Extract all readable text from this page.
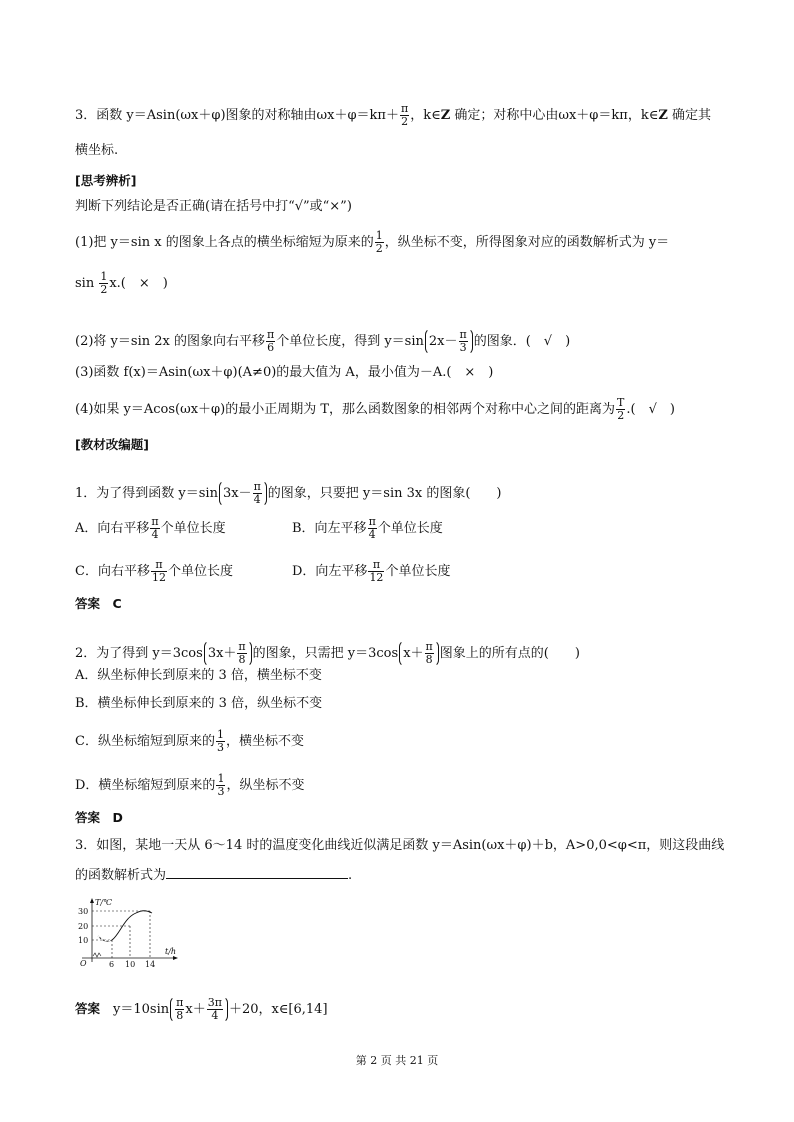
3．函数 y＝Asin(ωx＋φ)图象的对称轴由$\omega x+\varphi=k\pi+ \frac{\pi}{2}$ ，k∈Z 确定；对称中心由ωx＋φ＝kπ，k∈Z 确定其
横坐标.
[思考辨析]
判断下列结论是否正确(请在括号中打“√”或“×”)
(1)把 y＝sin x 的图象上各点的横坐标缩短为原来的 $\frac{1}{2}$ ，纵坐标不变，所得图象对应的函数解析式为 y＝
$\sin \frac{1}{2} x$.(　×　)
(2)将 y＝sin 2x 的图象向右平移 $\frac{\pi}{6}$ 个单位长度，得到 y＝sin $2x- \frac{\pi}{3}$ 的图象．(　√　)
(3)函数 f(x)＝Asin(ωx＋φ)(A≠0)的最大值为 A，最小值为－A.(　×　)
(4)如果 y＝Acos(ωx＋φ)的最小正周期为 T，那么函数图象的相邻两个对称中心之间的距离为 $\frac{T}{2}$ .(　√　)
[教材改编题]
1．为了得到函数 y＝sin $3x- \frac{\pi}{4}$ 的图象，只要把 y＝sin 3x 的图象(　　)
A．向右平移 $\frac{\pi}{4}$ 个单位长度	B．向左平移 $\frac{\pi}{4}$ 个单位长度
C．向右平移 $\frac{\pi}{12}$ 个单位长度	D．向左平移 $\frac{\pi}{12}$ 个单位长度
答案　C
2．为了得到 y＝3cos $3x+ \frac{\pi}{8}$ 的图象，只需把 y＝3cos $x+ \frac{\pi}{8}$ 图象上的所有点的(　　)
A．纵坐标伸长到原来的 3 倍，横坐标不变
B．横坐标伸长到原来的 3 倍，纵坐标不变
C．纵坐标缩短到原来的 $\frac{1}{3}$ ，横坐标不变
D．横坐标缩短到原来的 $\frac{1}{3}$ ，纵坐标不变
答案　D
3．如图，某地一天从 6～14 时的温度变化曲线近似满足函数 y＝Asin(ωx＋φ)＋b，A>0,0<φ<π，则这段曲线
的函数解析式为	.
T/℃
t/h
O
30
20
10
6 10 14
答案　 $y=10\sin \frac{\pi}{8} x+ \frac{3\pi}{4} +20$，x∈[6,14]
第 2 页 共 21 页
